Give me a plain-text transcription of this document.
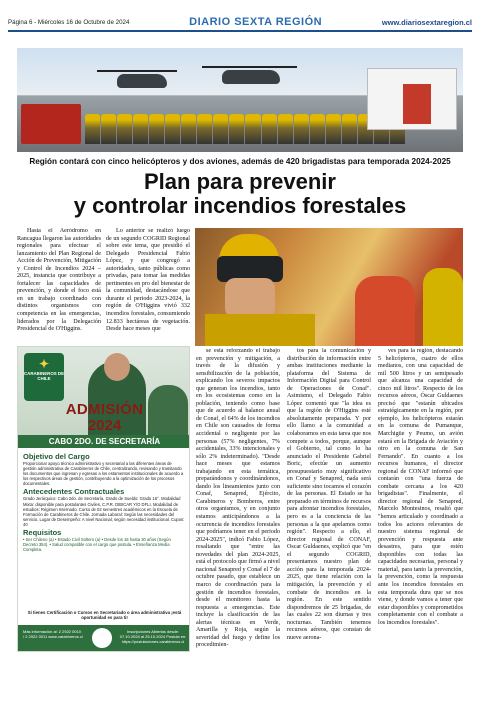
Página 6 - Miércoles 16 de Octubre de 2024	DIARIO SEXTA REGIÓN	www.diariosextaregion.cl
Región contará con cinco helicópteros y dos aviones, además de 420 brigadistas para temporada 2024-2025
Plan para prevenir
y controlar incendios forestales

Hasta el Aeródromo en Rancagua llegaron las autoridades regionales para efectuar el lanzamiento del Plan Regional de Acción de Prevención, Mitigación y Control de Incendios 2024 – 2025, instancia que contribuye a fortalecer las capacidades de prevención, y donde el foco está en un trabajo coordinado con distintos organismos con competencia en las emergencias, liderados por la Delegación Presidencial de O'Higgins.

Lo anterior se realizó luego de un segundo COGRID Regional sobre este tema, que presidió el Delegado Presidencial Fabio López, y que congregó a autoridades, tanto públicas como privadas, para tomar las medidas pertinentes en pro del bienestar de la comunidad, destacándose que durante el periodo 2023-2024, la región de O'Higgins vivió 332 incendios forestales, consumiendo 12.833 hectáreas de vegetación. Desde hace meses que

se está reforzando el trabajo en prevención y mitigación, a través de la difusión y sensibilización de la población, explicando los severos impactos que generan los incendios, tanto en los ecosistemas como en la población, teniendo como base que de acuerdo al balance anual de Conaf, el 64% de los incendios en Chile son causados de forma accidental o negligente por las personas (57% negligentes, 7% accidentales, 33% intencionales y sólo 2% indeterminado). "Desde hace meses que estamos trabajando en esta temática, preparándonos y coordinándonos, dando los lineamientos junto con Conaf, Senapred, Ejército, Carabineros y Bomberos, entre otros organismos, y en conjunto estamos anticipándonos a la ocurrencia de incendios forestales que podríamos tener en el periodo 2024-2025", indicó Fabio López, resaltando que "entre las novedades del plan 2024-2025, está el protocolo que firmó a nivel nacional Senapred y Conaf el 7 de octubre pasado, que establece un marco de coordinación para la gestión de incendios forestales, desde el monitoreo hasta la respuesta a emergencias. Este incluye la clasificación de las alertas técnicas en Verde, Amarilla y Roja, según la severidad del fuego y define los procedimien-

tos para la comunicación y distribución de información entre ambas instituciones mediante la plataforma del Sistema de Información Digital para Control de Operaciones de Conaf". Asimismo, el Delegado Fabio López comentó que "la idea es que la región de O'Higgins esté absolutamente preparada. Y por ello llamo a la comunidad a colaborarnos en esta tarea que nos compete a todos, porque, aunque el Gobierno, tal como lo ha anunciado el Presidente Gabriel Boric, efectúe un aumento presupuestario muy significativo en Conaf y Senapred, nada será suficiente sino tocamos el corazón de las personas. El Estado se ha preparado en términos de recursos para afrontar incendios forestales, pero es a la conciencia de las personas a la que apelamos como región". Respecto a ello, el director regional de CONAF, Oscar Guldaenes, explicó que "en el segundo COGRID, presentamos nuestro plan de acción para la temporada 2024-2025, que tiene relación con la mitigación, la prevención y el combate de incendios en la región. En este sentido dispondremos de 25 brigadas, de las cuales 22 son diurnas y tres nocturnas. También tenemos recursos aéreos, que constan de nueve aerona-

ves para la región, destacando 5 helicópteros, cuatro de ellos medianos, con una capacidad de mil 500 litros y un semipesado que alcanza una capacidad de cinco mil litros". Respecto de los recursos aéreos, Óscar Guldaenes precisó que "estarán ubicados estratégicamente en la región, por ejemplo, los helicópteros estarán en la comuna de Pumanque, Marchigüe y Peumo, un avión estará en la Brigada de Aviación y otro en la comuna de San Fernando". En cuanto a los recursos humanos, el director regional de CONAF informó que contarán con "una fuerza de combate cercana a los 420 brigadistas". Finalmente, el director regional de Senapred, Marcelo Montesinos, resaltó que "hemos articulado y coordinado a todos los actores relevantes de nuestro sistema regional de prevención y respuesta ante desastres, para que estén disponibles con todas las capacidades necesarias, personal y material, para tanto la prevención, la prevención, como la respuesta ante los incendios forestales en esta temporada dura que se nos viene, y donde vamos a tener que estar disponibles y comprometidos completamente con el combate a los incendios forestales".

✦
CARABINEROS DE CHILE
ADMISIÓN
2024
CABO 2DO. DE SECRETARÍA
Objetivo del Cargo
Proporcionar apoyo técnico administrativo y secretarial a las diferentes áreas de gestión administrativa de Carabineros de Chile, centralizando, revisando y tramitando los documentos que ingresan y egresan a los estamentos institucionales de acuerdo a los respectivos áreas de gestión, contribuyendo a la optimización de los procesos documentales.
Antecedentes Contractuales
Grado Jerárquico: Cabo 2do. de Secretaría. Grado de Sueldo: Grado 16°. Modalidad Mixta: disponible para postulantes Civiles, C.P.R. DIBICAR Y/O DFLI. Modalidad de estudios: Régimen Internado. Curso de 02 semestres académicos en la Escuela de Formación de Carabineros de Chile. Jornada Laboral: Según las necesidades del servicio. Lugar de Desempeño: A nivel Nacional, según necesidad institucional. Cupos: 40
Requisitos
• Ser Chileno (a) • Estado Civil Soltero (a) • Desde los 18 hasta 30 años (Según Decreto 354). • Salud compatible con el cargo que postula. • Enseñanza Media Completa.
Si tienes Certificación o Cursos en Secretariado o área administrativa ¡está oportunidad es para ti!
Más información al: 2 2922 0010 / 2 2922 0011 www.carabineros.cl
Inscripciones Abiertas desde: 07.10.2024 al 25.10.2024 Postula en: https://postulaciones.carabineros.cl
